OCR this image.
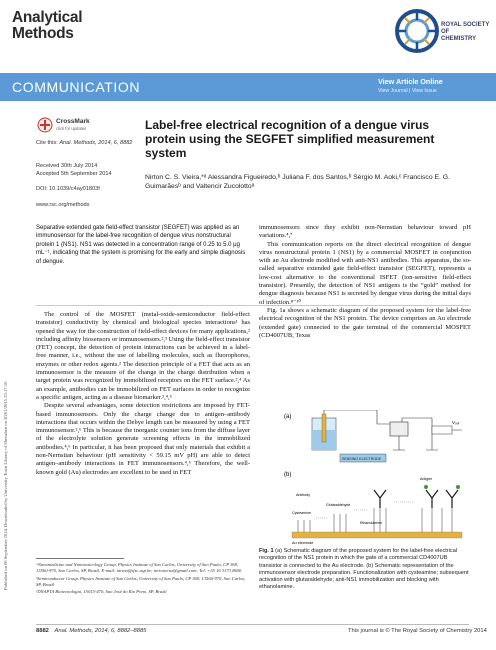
Published on 08 September 2014. Downloaded by University Town Library of Shenzhen on 30/01/2015 23:17:10.
Analytical
Methods	ROYAL SOCIETY
OF
CHEMISTRY
COMMUNICATION	View Article Online
View Journal | View Issue
CrossMark
click for updates
Cite this: Anal. Methods, 2014, 6, 8882
Received 30th July 2014
Accepted 5th September 2014
DOI: 10.1039/c4ay01803f
www.rsc.org/methods
Label-free electrical recognition of a dengue virus protein using the SEGFET simplified measurement system
Nirton C. S. Vieira,*ᵃ Alessandra Figueiredo,ᵇ Juliana F. dos Santos,ᵇ Sérgio M. Aoki,ᶜ Francisco E. G. Guimarãesᵇ and Valtencir Zucolottoᵃ
Separative extended gate field-effect transistor (SEGFET) was applied as an immunosensor for the label-free recognition of dengue virus nonstructural protein 1 (NS1). NS1 was detected in a concentration range of 0.25 to 5.0 μg mL⁻¹, indicating that the system is promising for the early and simple diagnosis of dengue.

The control of the MOSFET (metal-oxide-semiconductor field-effect transistor) conductivity by chemical and biological species interactions¹ has opened the way for the construction of field-effect devices for many applications,² including affinity biosensors or immunosensors.²,³ Using the field-effect transistor (FET) concept, the detection of protein interactions can be achieved in a label-free manner, i.e., without the use of labelling molecules, such as fluorophores, enzymes or other redox agents.² The detection principle of a FET that acts as an immunosensor is the measure of the change in the charge distribution when a target protein was recognized by immobilized receptors on the FET surface.²,⁴ As an example, antibodies can be immobilized on FET surfaces in order to recognize a specific antigen, acting as a disease biomarker.²,⁴,⁵

Despite several advantages, some detection restrictions are imposed by FET-based immunosensors. Only the charge change due to antigen–antibody interactions that occurs within the Debye length can be measured by using a FET immunosensor.²,⁶ This is because the inorganic counter ions from the diffuse layer of the electrolyte solution generate screening effects in the immobilized antibodies.⁴,⁶ In particular, it has been proposed that only materials that exhibit a non-Nernstian behaviour (pH sensitivity < 59.15 mV pH) are able to detect antigen–antibody interactions in FET immunosensors.⁴,⁶ Therefore, the well-known gold (Au) electrodes are excellent to be used in FET

immunosensors since they exhibit non-Nernstian behaviour toward pH variations.⁴,⁷

This communication reports on the direct electrical recognition of dengue virus nonstructural protein 1 (NS1) by a commercial MOSFET in conjunction with an Au electrode modified with anti-NS1 antibodies. This apparatus, the so-called separative extended gate field-effect transistor (SEGFET), represents a low-cost alternative to the conventional ISFET (ion-sensitive field-effect transistor). Presently, the detection of NS1 antigens is the “gold” method for dengue diagnosis because NS1 is secreted by dengue virus during the initial days of infection.⁸⁻¹⁰

Fig. 1a shows a schematic diagram of the proposed system for the label-free electrical recognition of the NS1 protein. The device comprises an Au electrode (extended gate) connected to the gate terminal of the commercial MOSFET (CD4007UB, Texas

(a)
Vₒᵤₜ
SENSING ELECTRODE
(b)
Au electrode
Antibody
Cysteamine
Glutaraldehyde
Ethanolamine
Antigen
Fig. 1 (a) Schematic diagram of the proposed system for the label-free electrical recognition of the NS1 protein in which the gate of a commercial CD4007UB transistor is connected to the Au electrode. (b) Schematic representation of the immunosensor electrode preparation. Functionalization with cysteamine; subsequent activation with glutaraldehyde; anti-NS1 immobilization and blocking with ethanolamine.

ᵃNanomedicine and Nanotoxicology Group, Physics Institute of Sao Carlos, University of Sao Paulo, CP 369, 13560-970, Sao Carlos, SP, Brazil. E-mail: nirton@ifsc.usp.br; nirtoncruz@gmail.com; Tel: +55 16 3373 8656

ᵇSemiconductor Group, Physics Institute of Sao Carlos, University of Sao Paulo, CP 369, 13560-970, Sao Carlos, SP, Brazil

ᶜDNAPTA Biotecnologia, 15015-470, Sao José do Rio Preto, SP, Brazil

8882 Anal. Methods, 2014, 6, 8882–8885	This journal is © The Royal Society of Chemistry 2014
